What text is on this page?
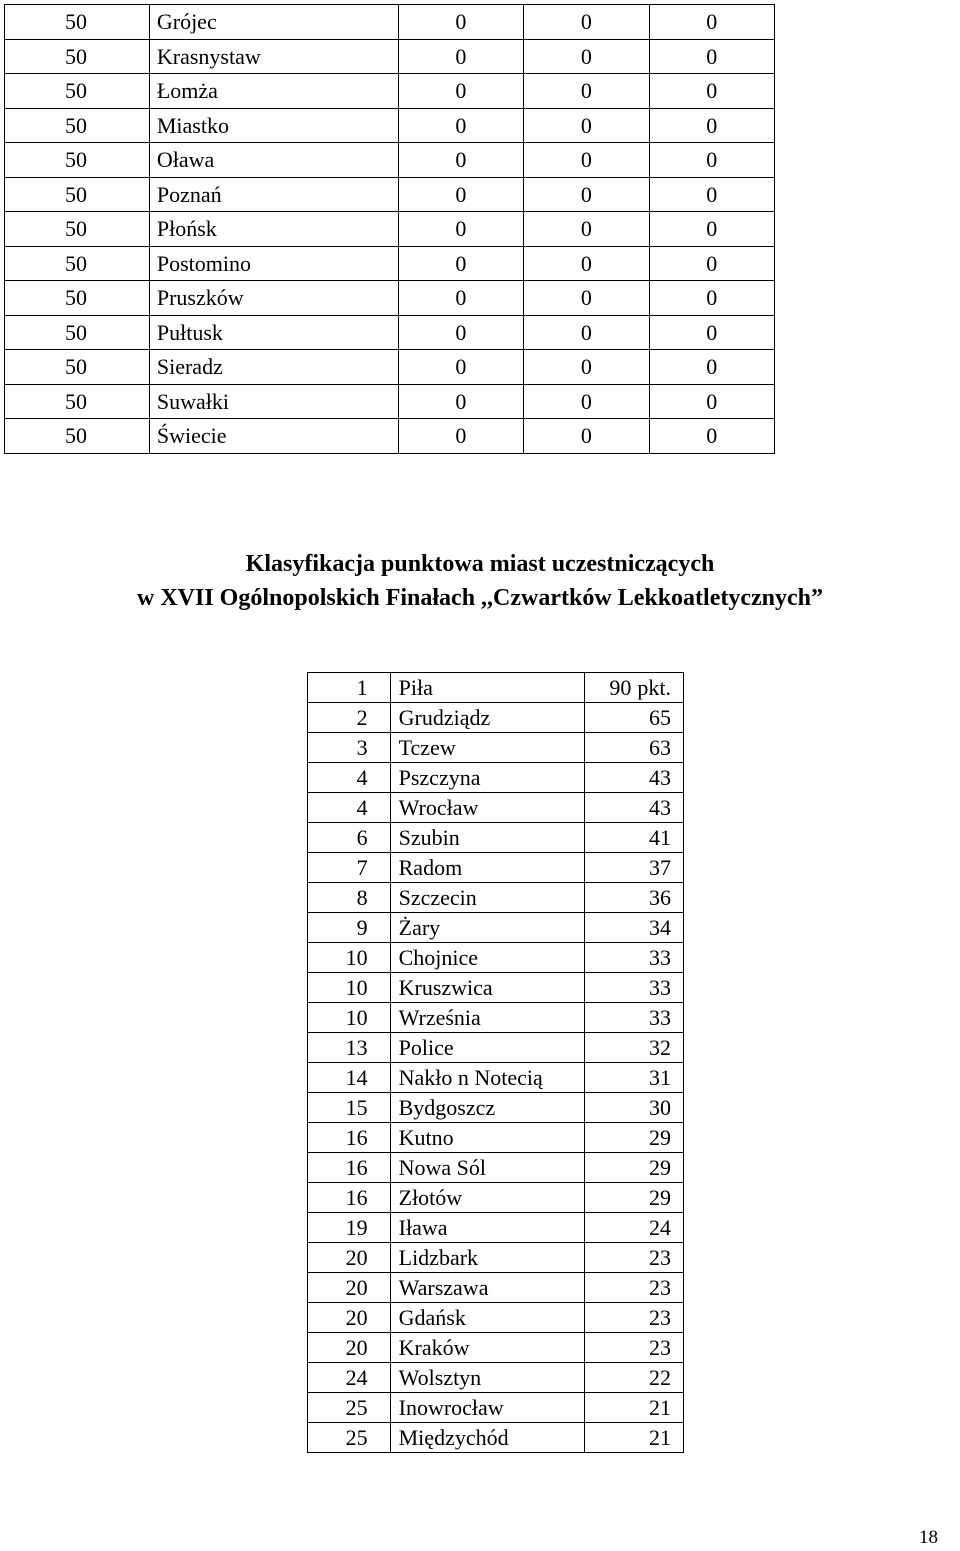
50	Grójec	0	0	0
50	Krasnystaw	0	0	0
50	Łomża	0	0	0
50	Miastko	0	0	0
50	Oława	0	0	0
50	Poznań	0	0	0
50	Płońsk	0	0	0
50	Postomino	0	0	0
50	Pruszków	0	0	0
50	Pułtusk	0	0	0
50	Sieradz	0	0	0
50	Suwałki	0	0	0
50	Świecie	0	0	0
Klasyfikacja punktowa miast uczestniczących
w XVII Ogólnopolskich Finałach ,,Czwartków Lekkoatletycznych”
1	Piła	90 pkt.
2	Grudziądz	65
3	Tczew	63
4	Pszczyna	43
4	Wrocław	43
6	Szubin	41
7	Radom	37
8	Szczecin	36
9	Żary	34
10	Chojnice	33
10	Kruszwica	33
10	Września	33
13	Police	32
14	Nakło n Notecią	31
15	Bydgoszcz	30
16	Kutno	29
16	Nowa Sól	29
16	Złotów	29
19	Iława	24
20	Lidzbark	23
20	Warszawa	23
20	Gdańsk	23
20	Kraków	23
24	Wolsztyn	22
25	Inowrocław	21
25	Międzychód	21
18
